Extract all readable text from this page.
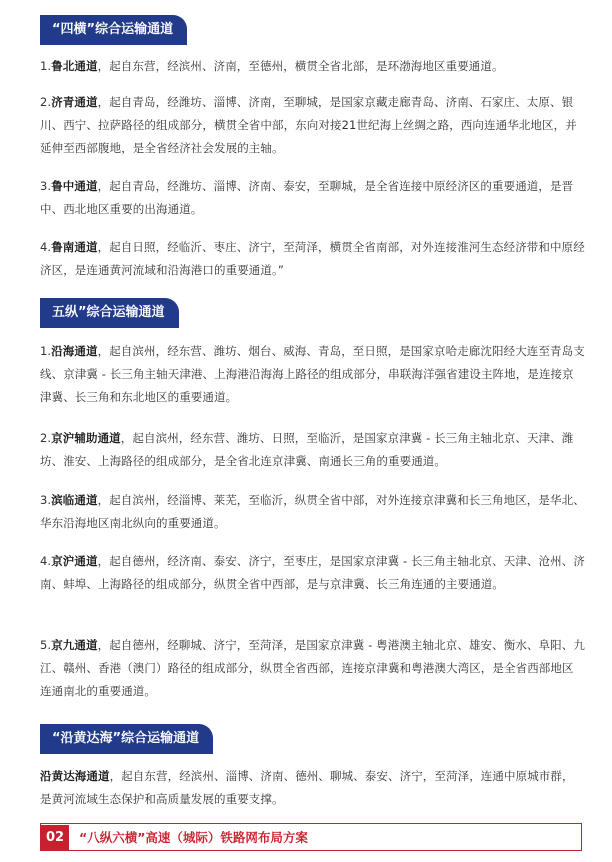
“四横”综合运输通道

1.鲁北通道，起自东营，经滨州、济南，至德州，横贯全省北部，是环渤海地区重要通道。

2.济青通道，起自青岛，经潍坊、淄博、济南，至聊城，是国家京藏走廊青岛、济南、石家庄、太原、银川、西宁、拉萨路径的组成部分，横贯全省中部，东向对接21世纪海上丝绸之路，西向连通华北地区，并延伸至西部腹地，是全省经济社会发展的主轴。

3.鲁中通道，起自青岛，经潍坊、淄博、济南、泰安，至聊城，是全省连接中原经济区的重要通道，是晋中、西北地区重要的出海通道。

4.鲁南通道，起自日照，经临沂、枣庄、济宁，至菏泽，横贯全省南部，对外连接淮河生态经济带和中原经济区，是连通黄河流域和沿海港口的重要通道。”

五纵”综合运输通道

1.沿海通道，起自滨州，经东营、潍坊、烟台、威海、青岛，至日照，是国家京哈走廊沈阳经大连至青岛支线、京津冀 - 长三角主轴天津港、上海港沿海海上路径的组成部分，串联海洋强省建设主阵地，是连接京津冀、长三角和东北地区的重要通道。

2.京沪辅助通道，起自滨州，经东营、潍坊、日照，至临沂，是国家京津冀 - 长三角主轴北京、天津、潍坊、淮安、上海路径的组成部分，是全省北连京津冀、南通长三角的重要通道。

3.滨临通道，起自滨州，经淄博、莱芜，至临沂，纵贯全省中部，对外连接京津冀和长三角地区，是华北、华东沿海地区南北纵向的重要通道。

4.京沪通道，起自德州，经济南、泰安、济宁，至枣庄，是国家京津冀 - 长三角主轴北京、天津、沧州、济南、蚌埠、上海路径的组成部分，纵贯全省中西部，是与京津冀、长三角连通的主要通道。

5.京九通道，起自德州，经聊城、济宁，至菏泽，是国家京津冀 - 粤港澳主轴北京、雄安、衡水、阜阳、九江、赣州、香港（澳门）路径的组成部分，纵贯全省西部，连接京津冀和粤港澳大湾区，是全省西部地区连通南北的重要通道。

“沿黄达海”综合运输通道

沿黄达海通道，起自东营，经滨州、淄博、济南、德州、聊城、泰安、济宁，至菏泽，连通中原城市群，是黄河流域生态保护和高质量发展的重要支撑。

02	“八纵六横”高速（城际）铁路网布局方案
